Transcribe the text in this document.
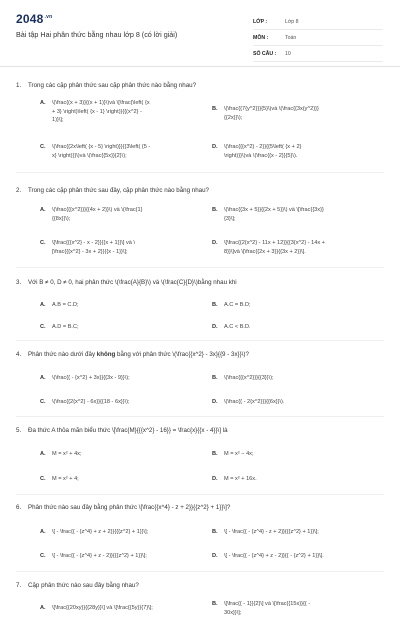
$2048^{.vn}$
Bài tập Hai phân thức bằng nhau lớp 8 (có lời giải)
LỚP :	Lớp 8
MÔN :	Toán
SỐ CÂU :	10
1. Trong các cặp phân thức sau cặp phân thức nào bằng nhau?
A. \(\frac{(x + 3)}{(x + 1)}\)và \[\frac{\left( {x
+ 3} \right)\left( {x - 1} \right)}{{(x^2} -
1)}\];
B. \(\frac{{7{y^2}}}{5}\)và \(\frac{{3x{y^2}}}
{{2x}}\);
C. \(\frac{{2x\left( {x - 5} \right)}}{{3\left( {5 -
x} \right)}}\)và \(\frac{{5x}}{2}\);
D. \(\frac{{{x^2} - 2}}{{5\left( {x + 2}
\right)}}\)và \(\frac{{x - 2}}{5}\).
2. Trong các cặp phân thức sau đây, cặp phân thức nào bằng nhau?
A. \(\frac{{{x^2}}}{{4x + 2}}\) và \(\frac{1}
{{8x}}\);
B. \(\frac{{3x + 5}}{{2x + 5}}\) và \[\frac{{3x}}
{3}\];
C. \[\frac{{{x^2} - x - 2}}{{x + 1}}\] và \
[\frac{{{x^2} - 3x + 2}}{{x - 1}}\];
D. \[\frac{{2{x^2} - 11x + 12}}{{3{x^2} - 14x +
8}}\]và \[\frac{{2x + 3}}{{3x + 2}}\].
3. Với B ≠ 0, D ≠ 0, hai phân thức \(\frac{A}{B}\) và \(\frac{C}{D}\)bằng nhau khi
A. A.B = C.D;	B. A.C = B.D;
C. A.D = B.C;	D. A.C < B.D.
4. Phân thức nào dưới đây không bằng với phân thức \(\frac{{x^2} - 3x}{{9 - 3x}}\)?
A. \(\frac{{ - {x^2} + 3x}}{{3x - 9}}\);	B. \(\frac{{{x^2}}}{{3}}\);
C. \(\frac{{2{x^2} - 6x}}{{18 - 6x}}\);	D. \(\frac{{ - 2{x^2}}}{{6x}}\).
5. Đa thức A thỏa mãn biểu thức \[\frac{M}{{{x^2} - 16}} = \frac{x}{{x - 4}}\] là
A. M = x² + 4x;	B. M = x² − 4x;
C. M = x² + 4;	D. M = x² + 16x.
6. Phân thức nào sau đây bằng phân thức \[\frac{{x^4} - z + 2}}{{z^2} + 1}}\]?
A. \[ - \frac{{ - {z^4} + z + 2}}{{{z^2} + 1}}\];	B. \[ - \frac{{ - {z^4} - z + 2}}{{{z^2} + 1}}\];
C. \[ - \frac{{ - {z^4} + z - 2}}{{{z^2} + 1}}\];	D. \[ - \frac{{ - {z^4} + z - 2}}{{ - {z^2} + 1}}\].
7. Cặp phân thức nào sau đây bằng nhau?
A. \[\frac{{20xy}}{{28y}}\] và \[\frac{{5y}}{7}\];
B. \[\frac{{ - 1}}{2}\] và \[\frac{{15x}}{{ -
30x}}\];
